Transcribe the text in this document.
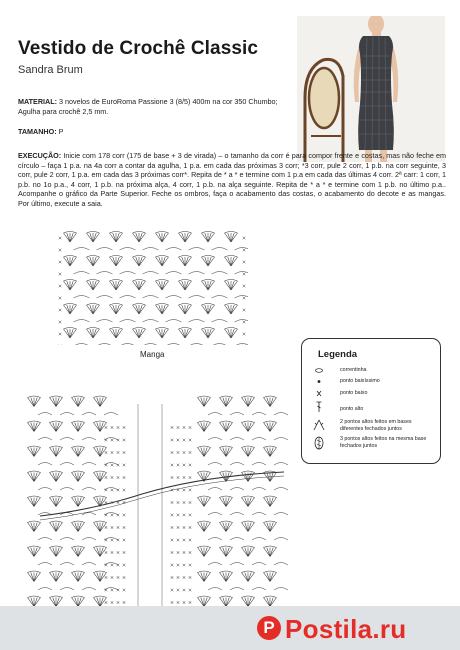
Vestido de Crochê Classic
Sandra Brum
MATERIAL: 3 novelos de EuroRoma Passione 3 (8/5) 400m na cor 350 Chumbo; Agulha para crochê 2,5 mm.
TAMANHO: P
EXECUÇÃO: Inicie com 178 corr (175 de base + 3 de virada) – o tamanho da corr é para compor frente e costas, mas não feche em círculo – faça 1 p.a. na 4a corr a contar da agulha, 1 p.a. em cada das próximas 3 corr; *3 corr, pule 2 corr, 1 p.b. na corr seguinte, 3 corr, pule 2 corr, 1 p.a. em cada das 3 próximas corr*. Repita de * a * e termine com 1 p.a em cada das últimas 4 corr. 2ª carr: 1 corr, 1 p.b. no 1o p.a., 4 corr, 1 p.b. na próxima alça, 4 corr, 1 p.b. na alça seguinte. Repita de * a * e termine com 1 p.b. no último p.a.. Acompanhe o gráfico da Parte Superior. Feche os ombros, faça o acabamento das costas, o acabamento do decote e as mangas. Por último, execute a saia.
Manga	Legenda
correntinha
ponto baixíssimo
ponto baixo
ponto alto
2 pontos altos feitos em bases diferentes fechados juntos
3 pontos altos feitos na mesma base fechados juntos
P Postila.ru
